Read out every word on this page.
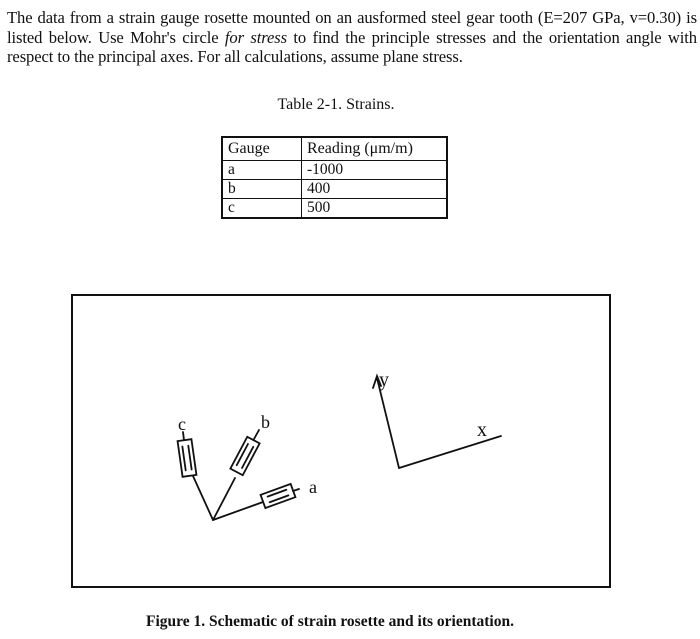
The data from a strain gauge rosette mounted on an ausformed steel gear tooth (E=207 GPa, v=0.30) is listed below. Use Mohr's circle for stress to find the principle stresses and the orientation angle with respect to the principal axes. For all calculations, assume plane stress.
Table 2-1. Strains.
Gauge	Reading (μm/m)
a	-1000
b	400
c	500
a
b
c
y
x
Figure 1. Schematic of strain rosette and its orientation.
